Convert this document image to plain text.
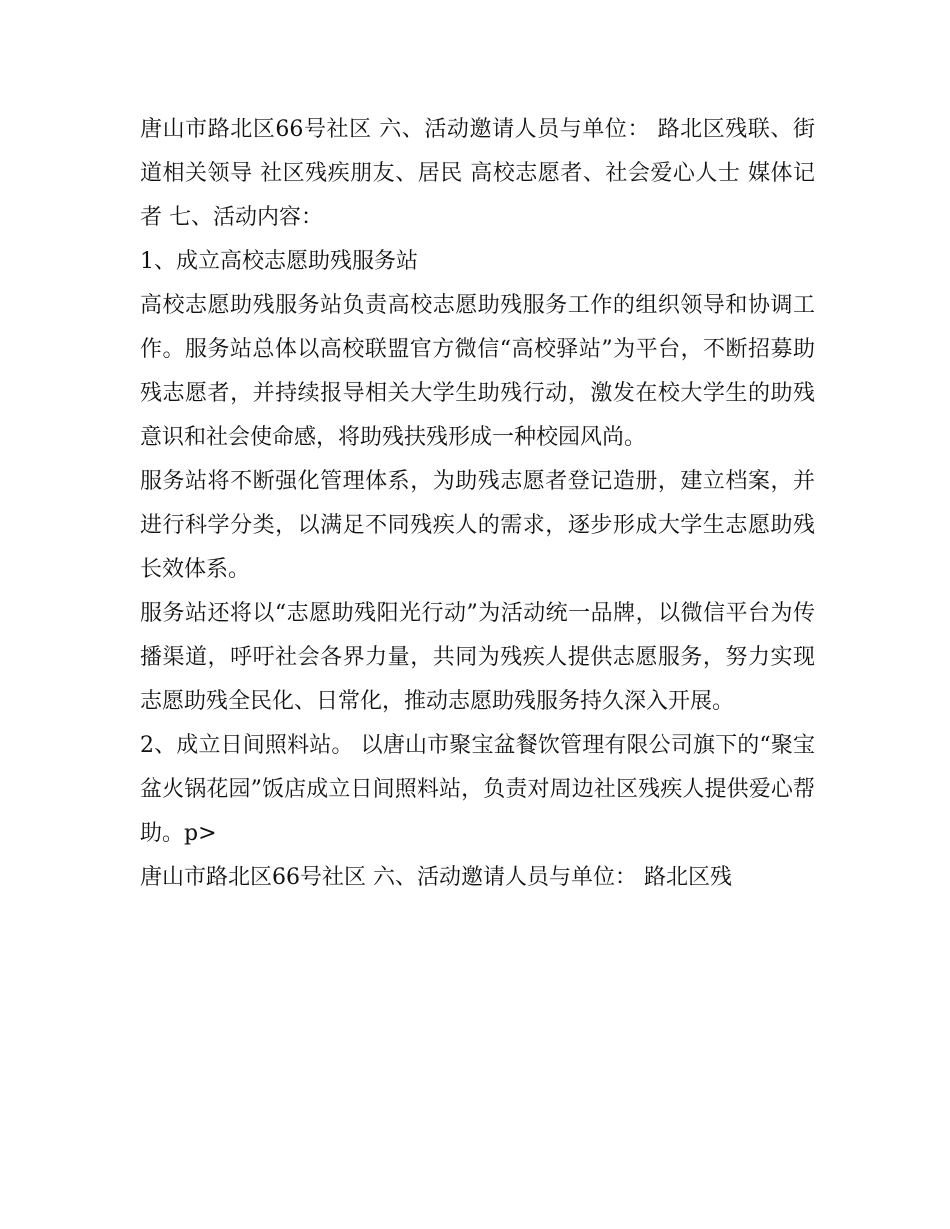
唐山市路北区66号社区 六、活动邀请人员与单位： 路北区残联、街道相关领导 社区残疾朋友、居民 高校志愿者、社会爱心人士 媒体记者 七、活动内容：

1、成立高校志愿助残服务站

高校志愿助残服务站负责高校志愿助残服务工作的组织领导和协调工作。服务站总体以高校联盟官方微信“高校驿站”为平台，不断招募助残志愿者，并持续报导相关大学生助残行动，激发在校大学生的助残意识和社会使命感，将助残扶残形成一种校园风尚。

服务站将不断强化管理体系，为助残志愿者登记造册，建立档案，并进行科学分类，以满足不同残疾人的需求，逐步形成大学生志愿助残长效体系。

服务站还将以“志愿助残阳光行动”为活动统一品牌，以微信平台为传播渠道，呼吁社会各界力量，共同为残疾人提供志愿服务，努力实现志愿助残全民化、日常化，推动志愿助残服务持久深入开展。

2、成立日间照料站。 以唐山市聚宝盆餐饮管理有限公司旗下的“聚宝盆火锅花园”饭店成立日间照料站，负责对周边社区残疾人提供爱心帮助。p>

唐山市路北区66号社区 六、活动邀请人员与单位： 路北区残
